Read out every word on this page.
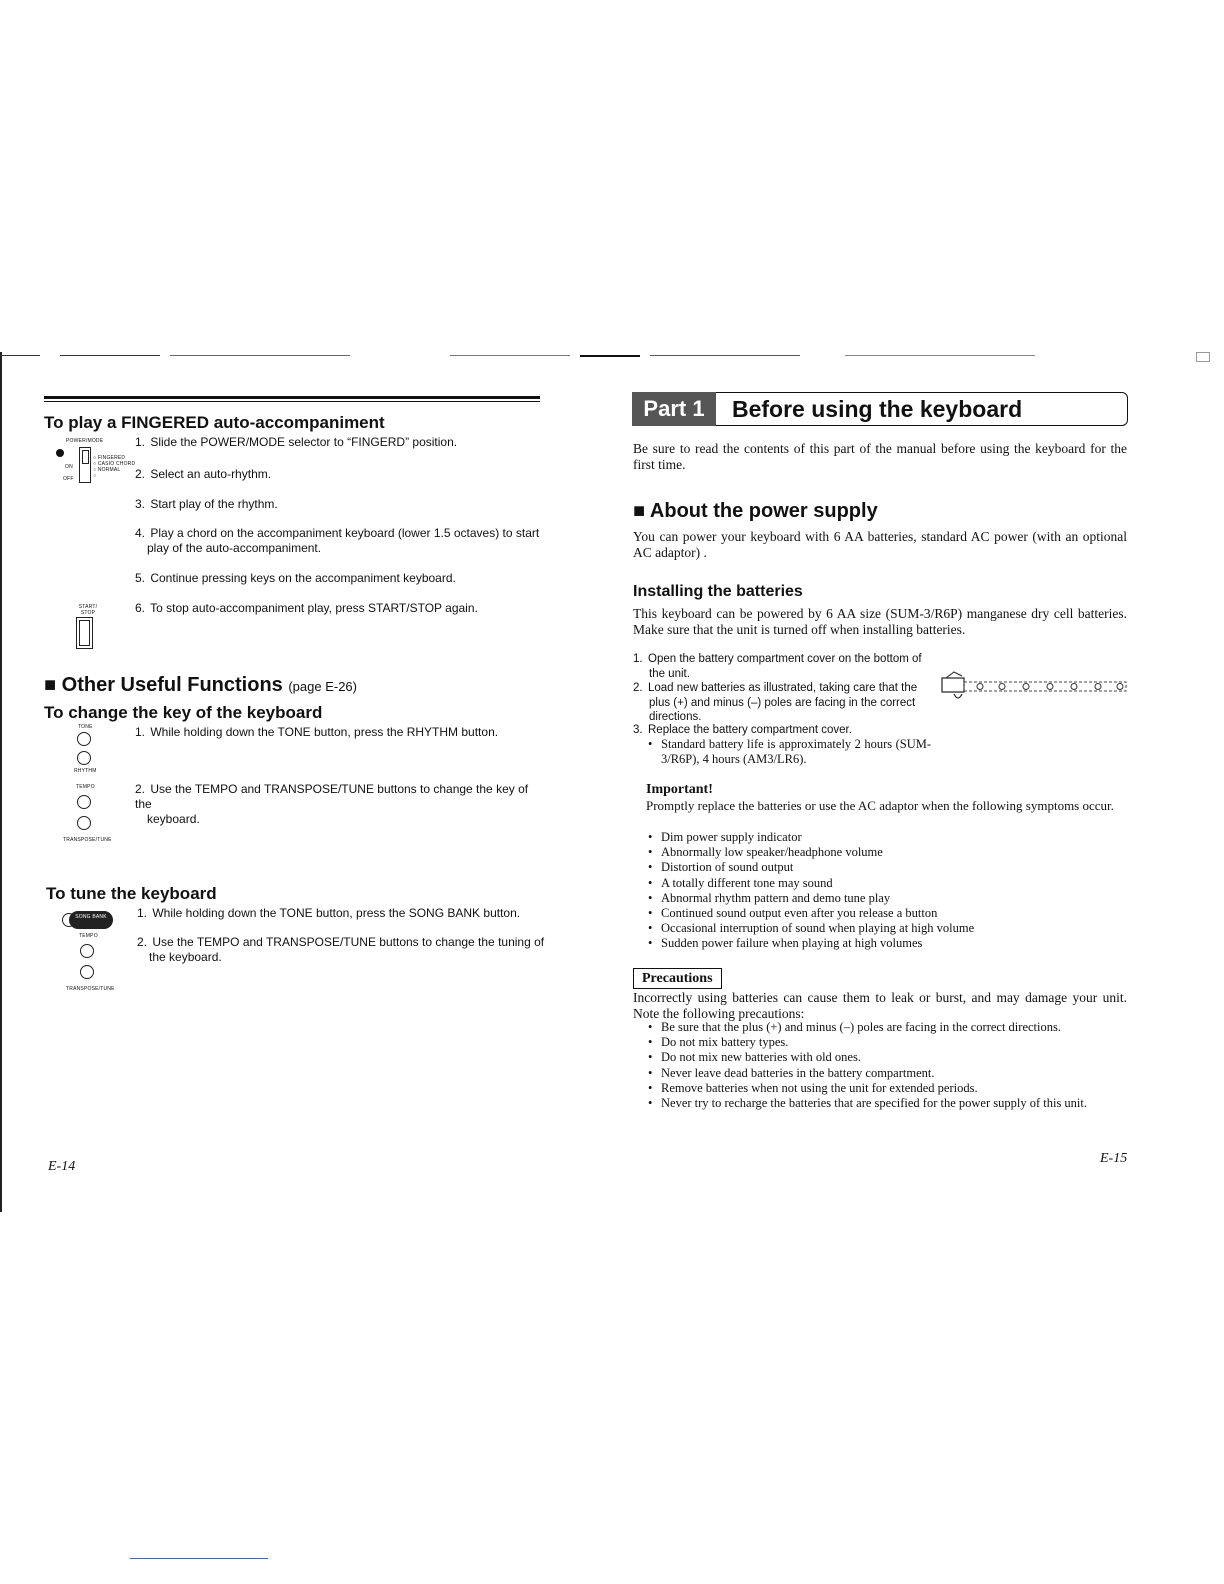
To play a FINGERED auto-accompaniment
POWER/MODE
ON
OFF
○ FINGERED
○ CASIO CHORD
○ NORMAL
○
1. Slide the POWER/MODE selector to “FINGERD” position.
2. Select an auto-rhythm.
3. Start play of the rhythm.
4. Play a chord on the accompaniment keyboard (lower 1.5 octaves) to start
play of the auto-accompaniment.
5. Continue pressing keys on the accompaniment keyboard.
6. To stop auto-accompaniment play, press START/STOP again.
START/ STOP
■ Other Useful Functions (page E-26)
To change the key of the keyboard
TONE
RHYTHM
TEMPO
TRANSPOSE/TUNE
1. While holding down the TONE button, press the RHYTHM button.
2. Use the TEMPO and TRANSPOSE/TUNE buttons to change the key of the
keyboard.
To tune the keyboard
SONG BANK
TEMPO
TRANSPOSE/TUNE
1. While holding down the TONE button, press the SONG BANK button.
2. Use the TEMPO and TRANSPOSE/TUNE buttons to change the tuning of
the keyboard.
E-14
Part 1	Before using the keyboard
Be sure to read the contents of this part of the manual before using the keyboard for the first time.
■ About the power supply
You can power your keyboard with 6 AA batteries, standard AC power (with an optional AC adaptor) .
Installing the batteries
This keyboard can be powered by 6 AA size (SUM-3/R6P) manganese dry cell batteries. Make sure that the unit is turned off when installing batteries.
1. Open the battery compartment cover on the bottom of
the unit.
2. Load new batteries as illustrated, taking care that the
plus (+) and minus (–) poles are facing in the correct
directions.
3. Replace the battery compartment cover.
• Standard battery life is approximately 2 hours (SUM-3/R6P), 4 hours (AM3/LR6).
Important!
Promptly replace the batteries or use the AC adaptor when the following symptoms occur.
• Dim power supply indicator
• Abnormally low speaker/headphone volume
• Distortion of sound output
• A totally different tone may sound
• Abnormal rhythm pattern and demo tune play
• Continued sound output even after you release a button
• Occasional interruption of sound when playing at high volume
• Sudden power failure when playing at high volumes
Precautions
Incorrectly using batteries can cause them to leak or burst, and may damage your unit. Note the following precautions:
• Be sure that the plus (+) and minus (–) poles are facing in the correct directions.
• Do not mix battery types.
• Do not mix new batteries with old ones.
• Never leave dead batteries in the battery compartment.
• Remove batteries when not using the unit for extended periods.
• Never try to recharge the batteries that are specified for the power supply of this unit.
E-15
